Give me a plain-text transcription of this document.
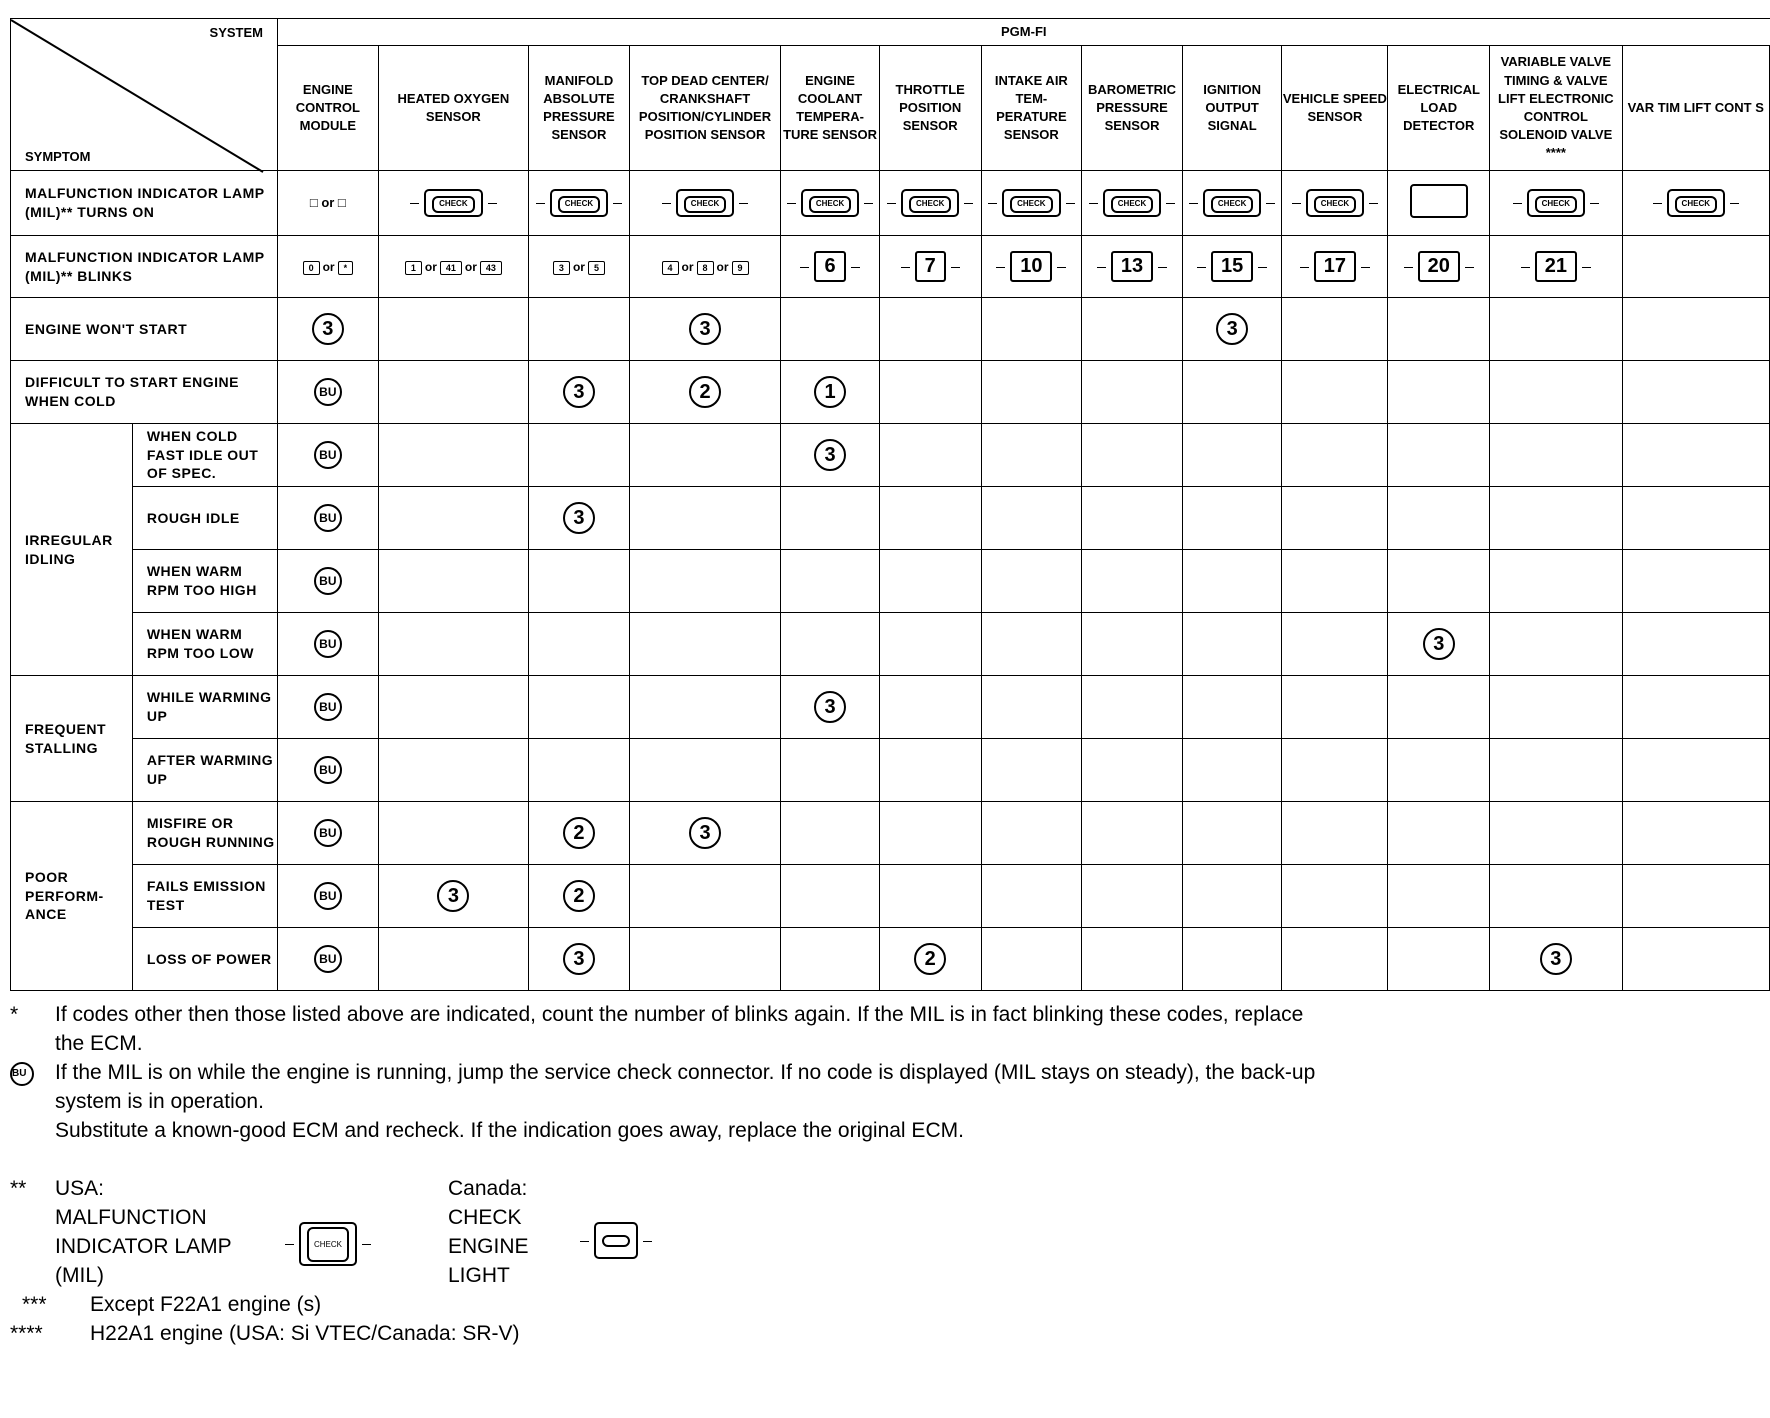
SYSTEM
SYMPTOM		PGM-FI												
		ENGINE CONTROL MODULE	HEATED OXYGEN SENSOR	MANIFOLD ABSOLUTE PRESSURE SENSOR	TOP DEAD CENTER/ CRANKSHAFT POSITION/CYLINDER POSITION SENSOR	ENGINE COOLANT TEMPERA- TURE SENSOR	THROTTLE POSITION SENSOR	INTAKE AIR TEM- PERATURE SENSOR	BAROMETRIC PRESSURE SENSOR	IGNITION OUTPUT SIGNAL	VEHICLE SPEED SENSOR	ELECTRICAL LOAD DETECTOR	VARIABLE VALVE TIMING & VALVE LIFT ELECTRONIC CONTROL SOLENOID VALVE ****	VAR TIM LIFT CONT S
MALFUNCTION INDICATOR LAMP (MIL)** TURNS ON		□ or □	CHECK	CHECK	CHECK	CHECK	CHECK	CHECK	CHECK	CHECK	CHECK		CHECK	CHECK
MALFUNCTION INDICATOR LAMP (MIL)** BLINKS		0 or *	1 or 41 or 43	3 or 5	4 or 8 or 9	6	7	10	13	15	17	20	21	
ENGINE WON'T START		3			3					3				
DIFFICULT TO START ENGINE WHEN COLD		BU		3	2	1								
IRREGULAR IDLING	WHEN COLD FAST IDLE OUT OF SPEC.	BU				3								
	ROUGH IDLE	BU		3										
	WHEN WARM RPM TOO HIGH	BU												
	WHEN WARM RPM TOO LOW	BU										3		
FREQUENT STALLING	WHILE WARMING UP	BU				3								
	AFTER WARMING UP	BU												
POOR PERFORM- ANCE	MISFIRE OR ROUGH RUNNING	BU		2	3									
	FAILS EMISSION TEST	BU	3	2										
	LOSS OF POWER	BU		3			2						3	
*	If codes other then those listed above are indicated, count the number of blinks again. If the MIL is in fact blinking these codes, replace the ECM.
BU	If the MIL is on while the engine is running, jump the service check connector. If no code is displayed (MIL stays on steady), the back-up system is in operation.
Substitute a known-good ECM and recheck. If the indication goes away, replace the original ECM.
** USA:
MALFUNCTION INDICATOR LAMP (MIL)
CHECK
Canada:
CHECK ENGINE LIGHT
*** Except F22A1 engine (s)
**** H22A1 engine (USA: Si VTEC/Canada: SR-V)
